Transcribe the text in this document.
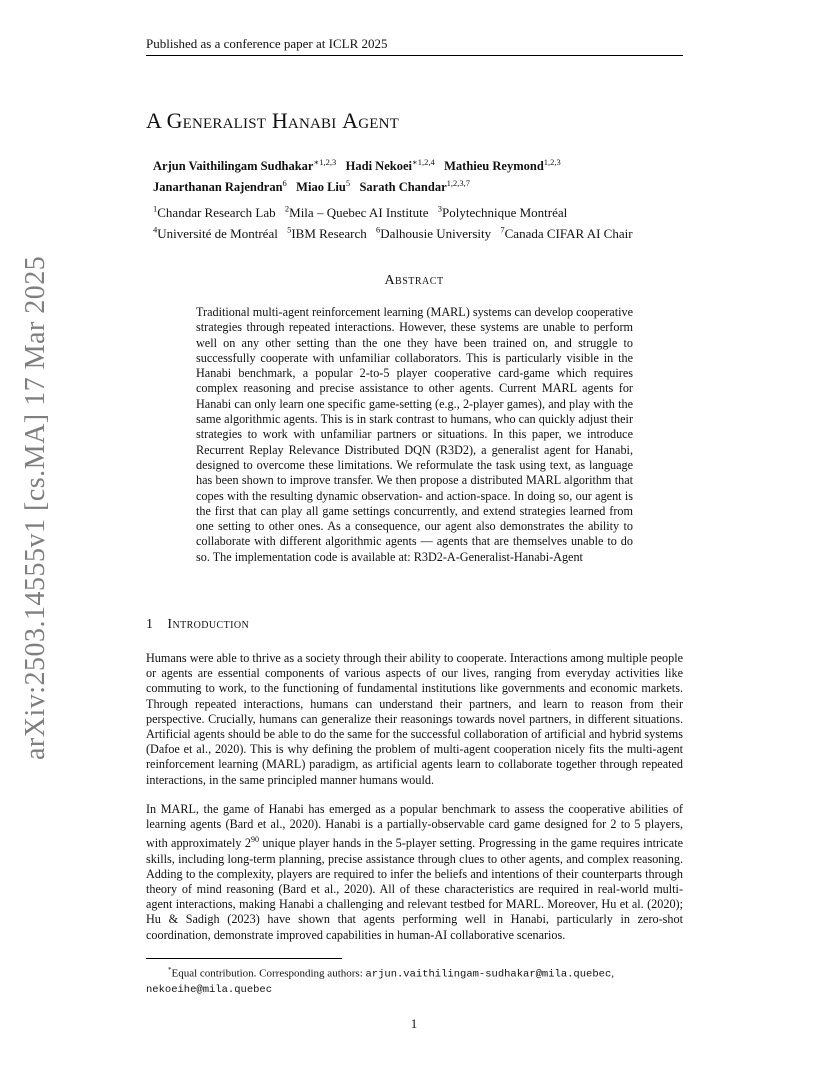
Published as a conference paper at ICLR 2025
A Generalist Hanabi Agent
Arjun Vaithilingam Sudhakar$^{∗1,2,3}$ Hadi Nekoei$^{∗1,2,4}$ Mathieu Reymond$^{1,2,3}$
Janarthanan Rajendran$^6$ Miao Liu$^5$ Sarath Chandar$^{1,2,3,7}$
$^1$Chandar Research Lab $^2$Mila – Quebec AI Institute $^3$Polytechnique Montréal
$^4$Université de Montréal $^5$IBM Research $^6$Dalhousie University $^7$Canada CIFAR AI Chair
Abstract
Traditional multi-agent reinforcement learning (MARL) systems can develop cooperative strategies through repeated interactions. However, these systems are unable to perform well on any other setting than the one they have been trained on, and struggle to successfully cooperate with unfamiliar collaborators. This is particularly visible in the Hanabi benchmark, a popular 2-to-5 player cooperative card-game which requires complex reasoning and precise assistance to other agents. Current MARL agents for Hanabi can only learn one specific game-setting (e.g., 2-player games), and play with the same algorithmic agents. This is in stark contrast to humans, who can quickly adjust their strategies to work with unfamiliar partners or situations. In this paper, we introduce Recurrent Replay Relevance Distributed DQN (R3D2), a generalist agent for Hanabi, designed to overcome these limitations. We reformulate the task using text, as language has been shown to improve transfer. We then propose a distributed MARL algorithm that copes with the resulting dynamic observation- and action-space. In doing so, our agent is the first that can play all game settings concurrently, and extend strategies learned from one setting to other ones. As a consequence, our agent also demonstrates the ability to collaborate with different algorithmic agents — agents that are themselves unable to do so. The implementation code is available at: R3D2-A-Generalist-Hanabi-Agent
1 Introduction
Humans were able to thrive as a society through their ability to cooperate. Interactions among multiple people or agents are essential components of various aspects of our lives, ranging from everyday activities like commuting to work, to the functioning of fundamental institutions like governments and economic markets. Through repeated interactions, humans can understand their partners, and learn to reason from their perspective. Crucially, humans can generalize their reasonings towards novel partners, in different situations. Artificial agents should be able to do the same for the successful collaboration of artificial and hybrid systems (Dafoe et al., 2020). This is why defining the problem of multi-agent cooperation nicely fits the multi-agent reinforcement learning (MARL) paradigm, as artificial agents learn to collaborate together through repeated interactions, in the same principled manner humans would.
In MARL, the game of Hanabi has emerged as a popular benchmark to assess the cooperative abilities of learning agents (Bard et al., 2020). Hanabi is a partially-observable card game designed for 2 to 5 players, with approximately $2^{90}$ unique player hands in the 5-player setting. Progressing in the game requires intricate skills, including long-term planning, precise assistance through clues to other agents, and complex reasoning. Adding to the complexity, players are required to infer the beliefs and intentions of their counterparts through theory of mind reasoning (Bard et al., 2020). All of these characteristics are required in real-world multi-agent interactions, making Hanabi a challenging and relevant testbed for MARL. Moreover, Hu et al. (2020); Hu & Sadigh (2023) have shown that agents performing well in Hanabi, particularly in zero-shot coordination, demonstrate improved capabilities in human-AI collaborative scenarios.
*Equal contribution. Corresponding authors: arjun.vaithilingam-sudhakar@mila.quebec,
nekoeihe@mila.quebec
1
arXiv:2503.14555v1 [cs.MA] 17 Mar 2025
